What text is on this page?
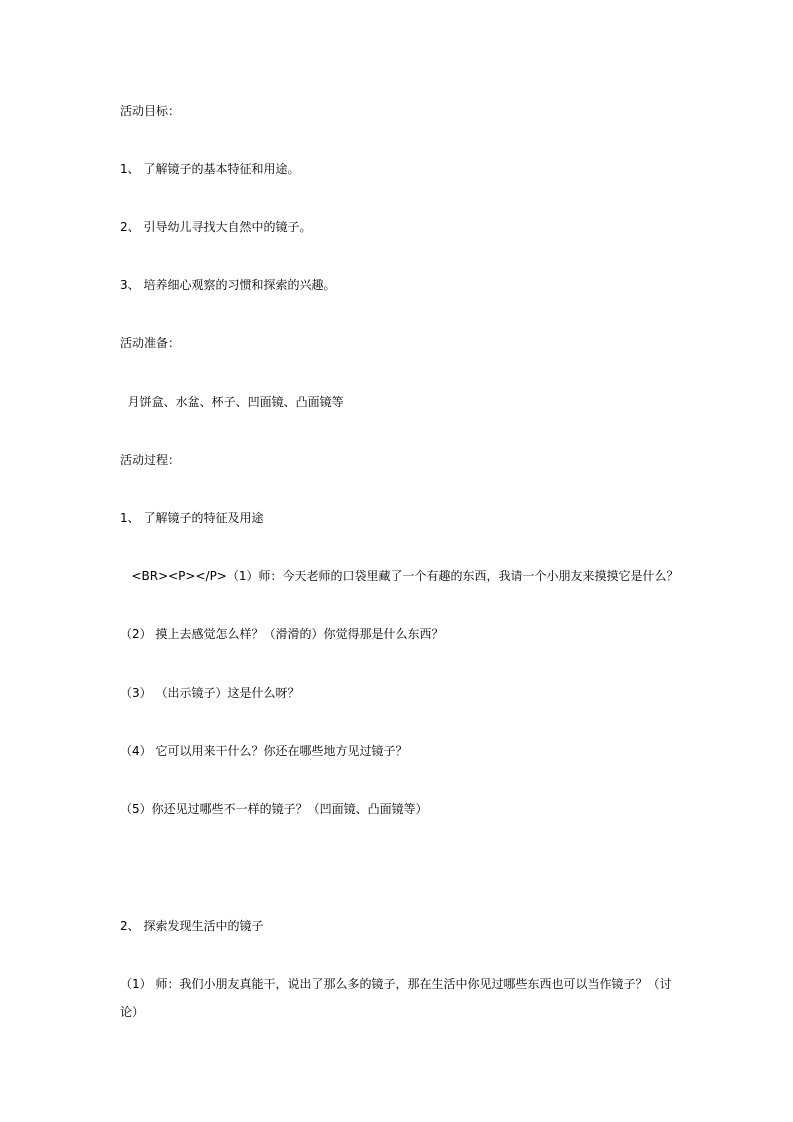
活动目标：
1、 了解镜子的基本特征和用途。
2、 引导幼儿寻找大自然中的镜子。
3、 培养细心观察的习惯和探索的兴趣。
活动准备：
月饼盒、水盆、杯子、凹面镜、凸面镜等
活动过程：
1、 了解镜子的特征及用途
<BR><P></P>（1）师：今天老师的口袋里藏了一个有趣的东西，我请一个小朋友来摸摸它是什么？
（2） 摸上去感觉怎么样？（滑滑的）你觉得那是什么东西？
（3） （出示镜子）这是什么呀？
（4） 它可以用来干什么？你还在哪些地方见过镜子？
（5）你还见过哪些不一样的镜子？（凹面镜、凸面镜等）
2、 探索发现生活中的镜子
（1） 师：我们小朋友真能干，说出了那么多的镜子，那在生活中你见过哪些东西也可以当作镜子？（讨论）
